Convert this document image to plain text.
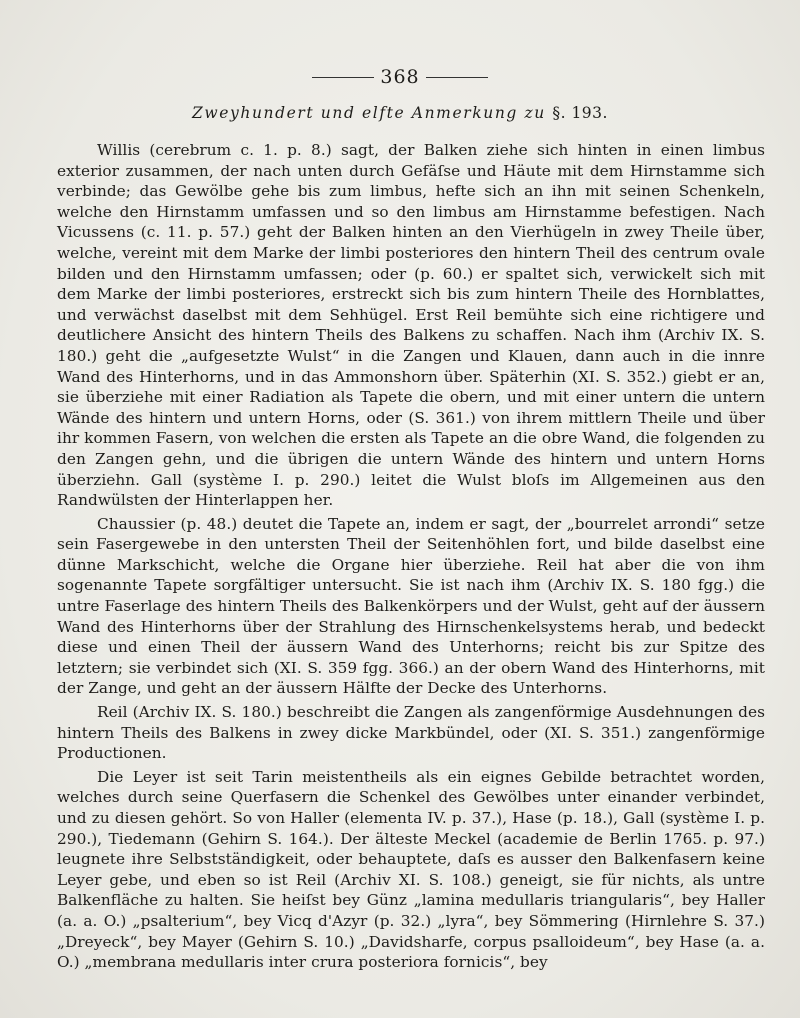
368
Zweyhundert und elfte Anmerkung zu §. 193.

Willis (cerebrum c. 1. p. 8.) sagt, der Balken ziehe sich hinten in einen limbus exterior zusammen, der nach unten durch Gefäſse und Häute mit dem Hirnstamme sich verbinde; das Gewölbe gehe bis zum limbus, hefte sich an ihn mit seinen Schenkeln, welche den Hirnstamm umfassen und so den limbus am Hirnstamme befestigen. Nach Vicussens (c. 11. p. 57.) geht der Balken hinten an den Vierhügeln in zwey Theile über, welche, vereint mit dem Marke der limbi posteriores den hintern Theil des centrum ovale bilden und den Hirnstamm umfassen; oder (p. 60.) er spaltet sich, verwickelt sich mit dem Marke der limbi posteriores, erstreckt sich bis zum hintern Theile des Hornblattes, und verwächst daselbst mit dem Sehhügel. Erst Reil bemühte sich eine richtigere und deutlichere Ansicht des hintern Theils des Balkens zu schaffen. Nach ihm (Archiv IX. S. 180.) geht die „aufgesetzte Wulst“ in die Zangen und Klauen, dann auch in die innre Wand des Hinterhorns, und in das Ammonshorn über. Späterhin (XI. S. 352.) giebt er an, sie überziehe mit einer Radiation als Tapete die obern, und mit einer untern die untern Wände des hintern und untern Horns, oder (S. 361.) von ihrem mittlern Theile und über ihr kommen Fasern, von welchen die ersten als Tapete an die obre Wand, die folgenden zu den Zangen gehn, und die übrigen die untern Wände des hintern und untern Horns überziehn. Gall (système I. p. 290.) leitet die Wulst bloſs im Allgemeinen aus den Randwülsten der Hinterlappen her.

Chaussier (p. 48.) deutet die Tapete an, indem er sagt, der „bourrelet arrondi“ setze sein Fasergewebe in den untersten Theil der Seitenhöhlen fort, und bilde daselbst eine dünne Markschicht, welche die Organe hier überziehe. Reil hat aber die von ihm sogenannte Tapete sorgfältiger untersucht. Sie ist nach ihm (Archiv IX. S. 180 fgg.) die untre Faserlage des hintern Theils des Balkenkörpers und der Wulst, geht auf der äussern Wand des Hinterhorns über der Strahlung des Hirnschenkelsystems herab, und bedeckt diese und einen Theil der äussern Wand des Unterhorns; reicht bis zur Spitze des letztern; sie verbindet sich (XI. S. 359 fgg. 366.) an der obern Wand des Hinterhorns, mit der Zange, und geht an der äussern Hälfte der Decke des Unterhorns.

Reil (Archiv IX. S. 180.) beschreibt die Zangen als zangenförmige Ausdehnungen des hintern Theils des Balkens in zwey dicke Markbündel, oder (XI. S. 351.) zangenförmige Productionen.

Die Leyer ist seit Tarin meistentheils als ein eignes Gebilde betrachtet worden, welches durch seine Querfasern die Schenkel des Gewölbes unter einander verbindet, und zu diesen gehört. So von Haller (elementa IV. p. 37.), Hase (p. 18.), Gall (système I. p. 290.), Tiedemann (Gehirn S. 164.). Der älteste Meckel (academie de Berlin 1765. p. 97.) leugnete ihre Selbstständigkeit, oder behauptete, daſs es ausser den Balkenfasern keine Leyer gebe, und eben so ist Reil (Archiv XI. S. 108.) geneigt, sie für nichts, als untre Balkenfläche zu halten. Sie heiſst bey Günz „lamina medullaris triangularis“, bey Haller (a. a. O.) „psalterium“, bey Vicq d'Azyr (p. 32.) „lyra“, bey Sömmering (Hirnlehre S. 37.) „Dreyeck“, bey Mayer (Gehirn S. 10.) „Davidsharfe, corpus psalloideum“, bey Hase (a. a. O.) „membrana medullaris inter crura posteriora fornicis“, bey
